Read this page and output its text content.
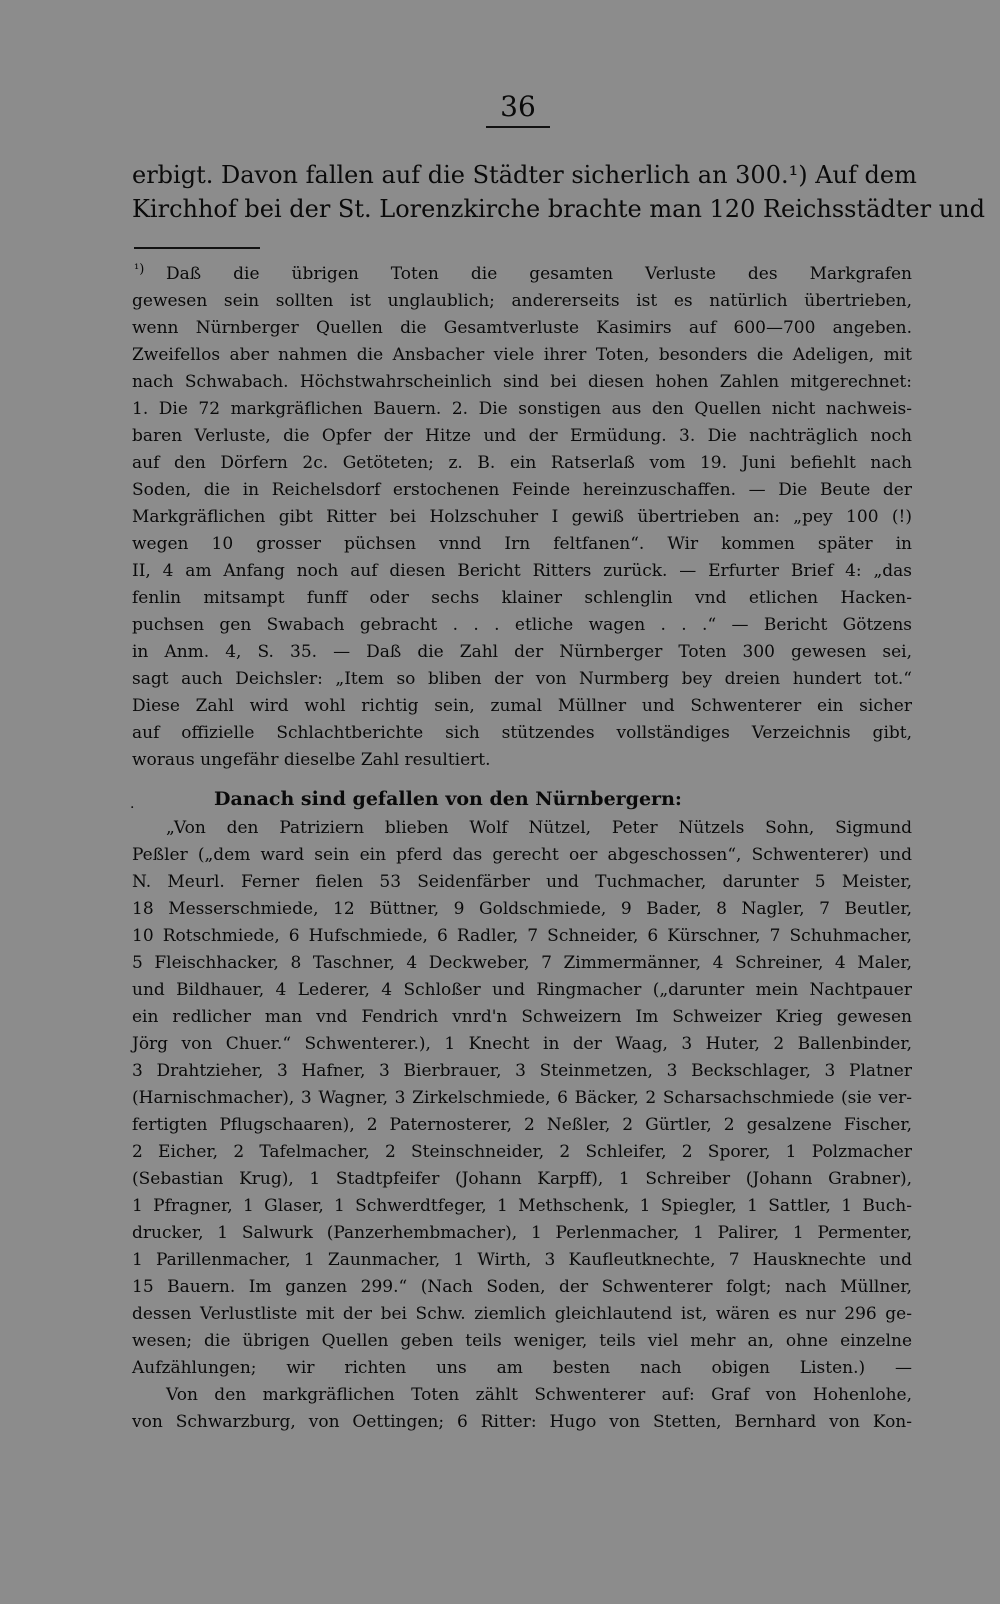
36
erbigt. Davon fallen auf die Städter sicherlich an 300.¹) Auf dem
Kirchhof bei der St. Lorenzkirche brachte man 120 Reichsstädter und
¹) Daß die übrigen Toten die gesamten Verluste des Markgrafen
gewesen sein sollten ist unglaublich; andererseits ist es natürlich übertrieben,
wenn Nürnberger Quellen die Gesamtverluste Kasimirs auf 600—700 angeben.
Zweifellos aber nahmen die Ansbacher viele ihrer Toten, besonders die Adeligen, mit
nach Schwabach. Höchstwahrscheinlich sind bei diesen hohen Zahlen mitgerechnet:
1. Die 72 markgräflichen Bauern. 2. Die sonstigen aus den Quellen nicht nachweis-
baren Verluste, die Opfer der Hitze und der Ermüdung. 3. Die nachträglich noch
auf den Dörfern 2c. Getöteten; z. B. ein Ratserlaß vom 19. Juni befiehlt nach
Soden, die in Reichelsdorf erstochenen Feinde hereinzuschaffen. — Die Beute der
Markgräflichen gibt Ritter bei Holzschuher I gewiß übertrieben an: „pey 100 (!)
wegen 10 grosser püchsen vnnd Irn feltfanen“. Wir kommen später in
II, 4 am Anfang noch auf diesen Bericht Ritters zurück. — Erfurter Brief 4: „das
fenlin mitsampt funff oder sechs klainer schlenglin vnd etlichen Hacken-
puchsen gen Swabach gebracht . . . etliche wagen . . .“ — Bericht Götzens
in Anm. 4, S. 35. — Daß die Zahl der Nürnberger Toten 300 gewesen sei,
sagt auch Deichsler: „Item so bliben der von Nurmberg bey dreien hundert tot.“
Diese Zahl wird wohl richtig sein, zumal Müllner und Schwenterer ein sicher
auf offizielle Schlachtberichte sich stützendes vollständiges Verzeichnis gibt,
woraus ungefähr dieselbe Zahl resultiert.
·	Danach sind gefallen von den Nürnbergern:
„Von den Patriziern blieben Wolf Nützel, Peter Nützels Sohn, Sigmund
Peßler („dem ward sein ein pferd das gerecht oer abgeschossen“, Schwenterer) und
N. Meurl. Ferner fielen 53 Seidenfärber und Tuchmacher, darunter 5 Meister,
18 Messerschmiede, 12 Büttner, 9 Goldschmiede, 9 Bader, 8 Nagler, 7 Beutler,
10 Rotschmiede, 6 Hufschmiede, 6 Radler, 7 Schneider, 6 Kürschner, 7 Schuhmacher,
5 Fleischhacker, 8 Taschner, 4 Deckweber, 7 Zimmermänner, 4 Schreiner, 4 Maler,
und Bildhauer, 4 Lederer, 4 Schloßer und Ringmacher („darunter mein Nachtpauer
ein redlicher man vnd Fendrich vnrd'n Schweizern Im Schweizer Krieg gewesen
Jörg von Chuer.“ Schwenterer.), 1 Knecht in der Waag, 3 Huter, 2 Ballenbinder,
3 Drahtzieher, 3 Hafner, 3 Bierbrauer, 3 Steinmetzen, 3 Beckschlager, 3 Platner
(Harnischmacher), 3 Wagner, 3 Zirkelschmiede, 6 Bäcker, 2 Scharsachschmiede (sie ver-
fertigten Pflugschaaren), 2 Paternosterer, 2 Neßler, 2 Gürtler, 2 gesalzene Fischer,
2 Eicher, 2 Tafelmacher, 2 Steinschneider, 2 Schleifer, 2 Sporer, 1 Polzmacher
(Sebastian Krug), 1 Stadtpfeifer (Johann Karpff), 1 Schreiber (Johann Grabner),
1 Pfragner, 1 Glaser, 1 Schwerdtfeger, 1 Methschenk, 1 Spiegler, 1 Sattler, 1 Buch-
drucker, 1 Salwurk (Panzerhembmacher), 1 Perlenmacher, 1 Palirer, 1 Permenter,
1 Parillenmacher, 1 Zaunmacher, 1 Wirth, 3 Kaufleutknechte, 7 Hausknechte und
15 Bauern. Im ganzen 299.“ (Nach Soden, der Schwenterer folgt; nach Müllner,
dessen Verlustliste mit der bei Schw. ziemlich gleichlautend ist, wären es nur 296 ge-
wesen; die übrigen Quellen geben teils weniger, teils viel mehr an, ohne einzelne
Aufzählungen; wir richten uns am besten nach obigen Listen.) —
Von den markgräflichen Toten zählt Schwenterer auf: Graf von Hohenlohe,
von Schwarzburg, von Oettingen; 6 Ritter: Hugo von Stetten, Bernhard von Kon-
